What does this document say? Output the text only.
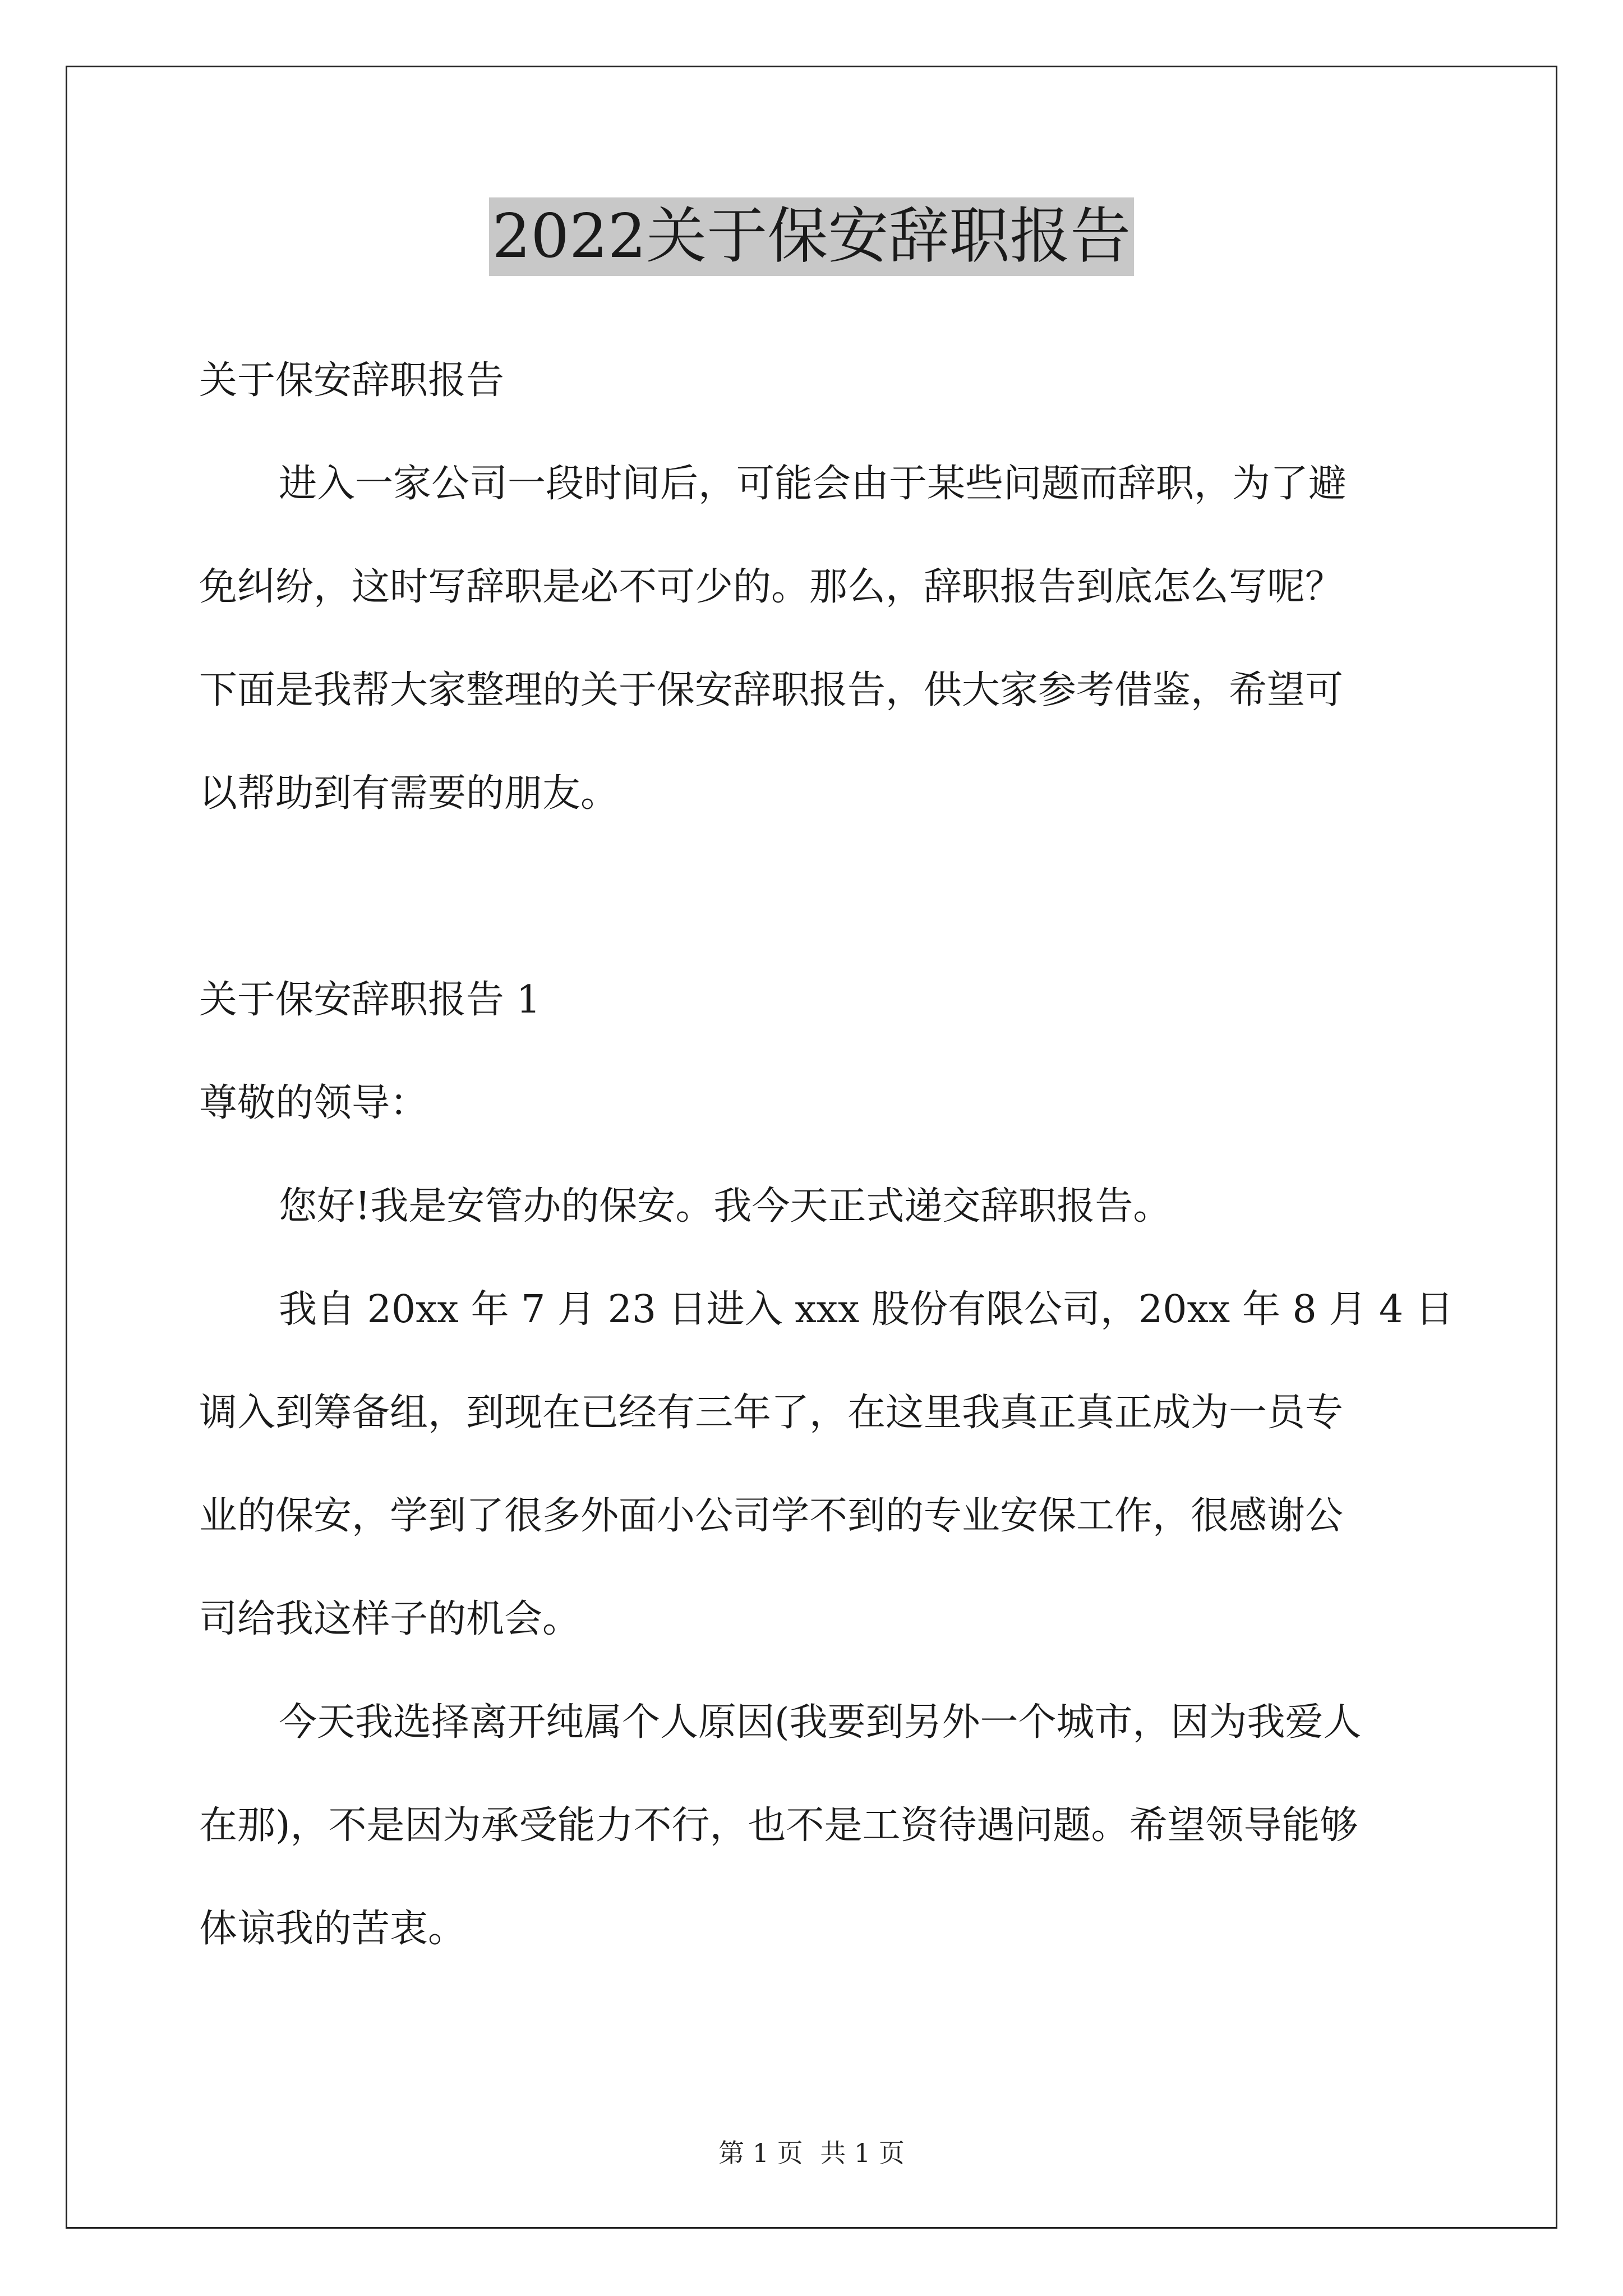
2022关于保安辞职报告
关于保安辞职报告
进入一家公司一段时间后，可能会由于某些问题而辞职，为了避
免纠纷，这时写辞职是必不可少的。那么，辞职报告到底怎么写呢？
下面是我帮大家整理的关于保安辞职报告，供大家参考借鉴，希望可
以帮助到有需要的朋友。
关于保安辞职报告 1
尊敬的领导：
您好!我是安管办的保安。我今天正式递交辞职报告。
我自 20xx 年 7 月 23 日进入 xxx 股份有限公司，20xx 年 8 月 4 日
调入到筹备组，到现在已经有三年了，在这里我真正真正成为一员专
业的保安，学到了很多外面小公司学不到的专业安保工作，很感谢公
司给我这样子的机会。
今天我选择离开纯属个人原因(我要到另外一个城市，因为我爱人
在那)，不是因为承受能力不行，也不是工资待遇问题。希望领导能够
体谅我的苦衷。
第 1 页 共 1 页
